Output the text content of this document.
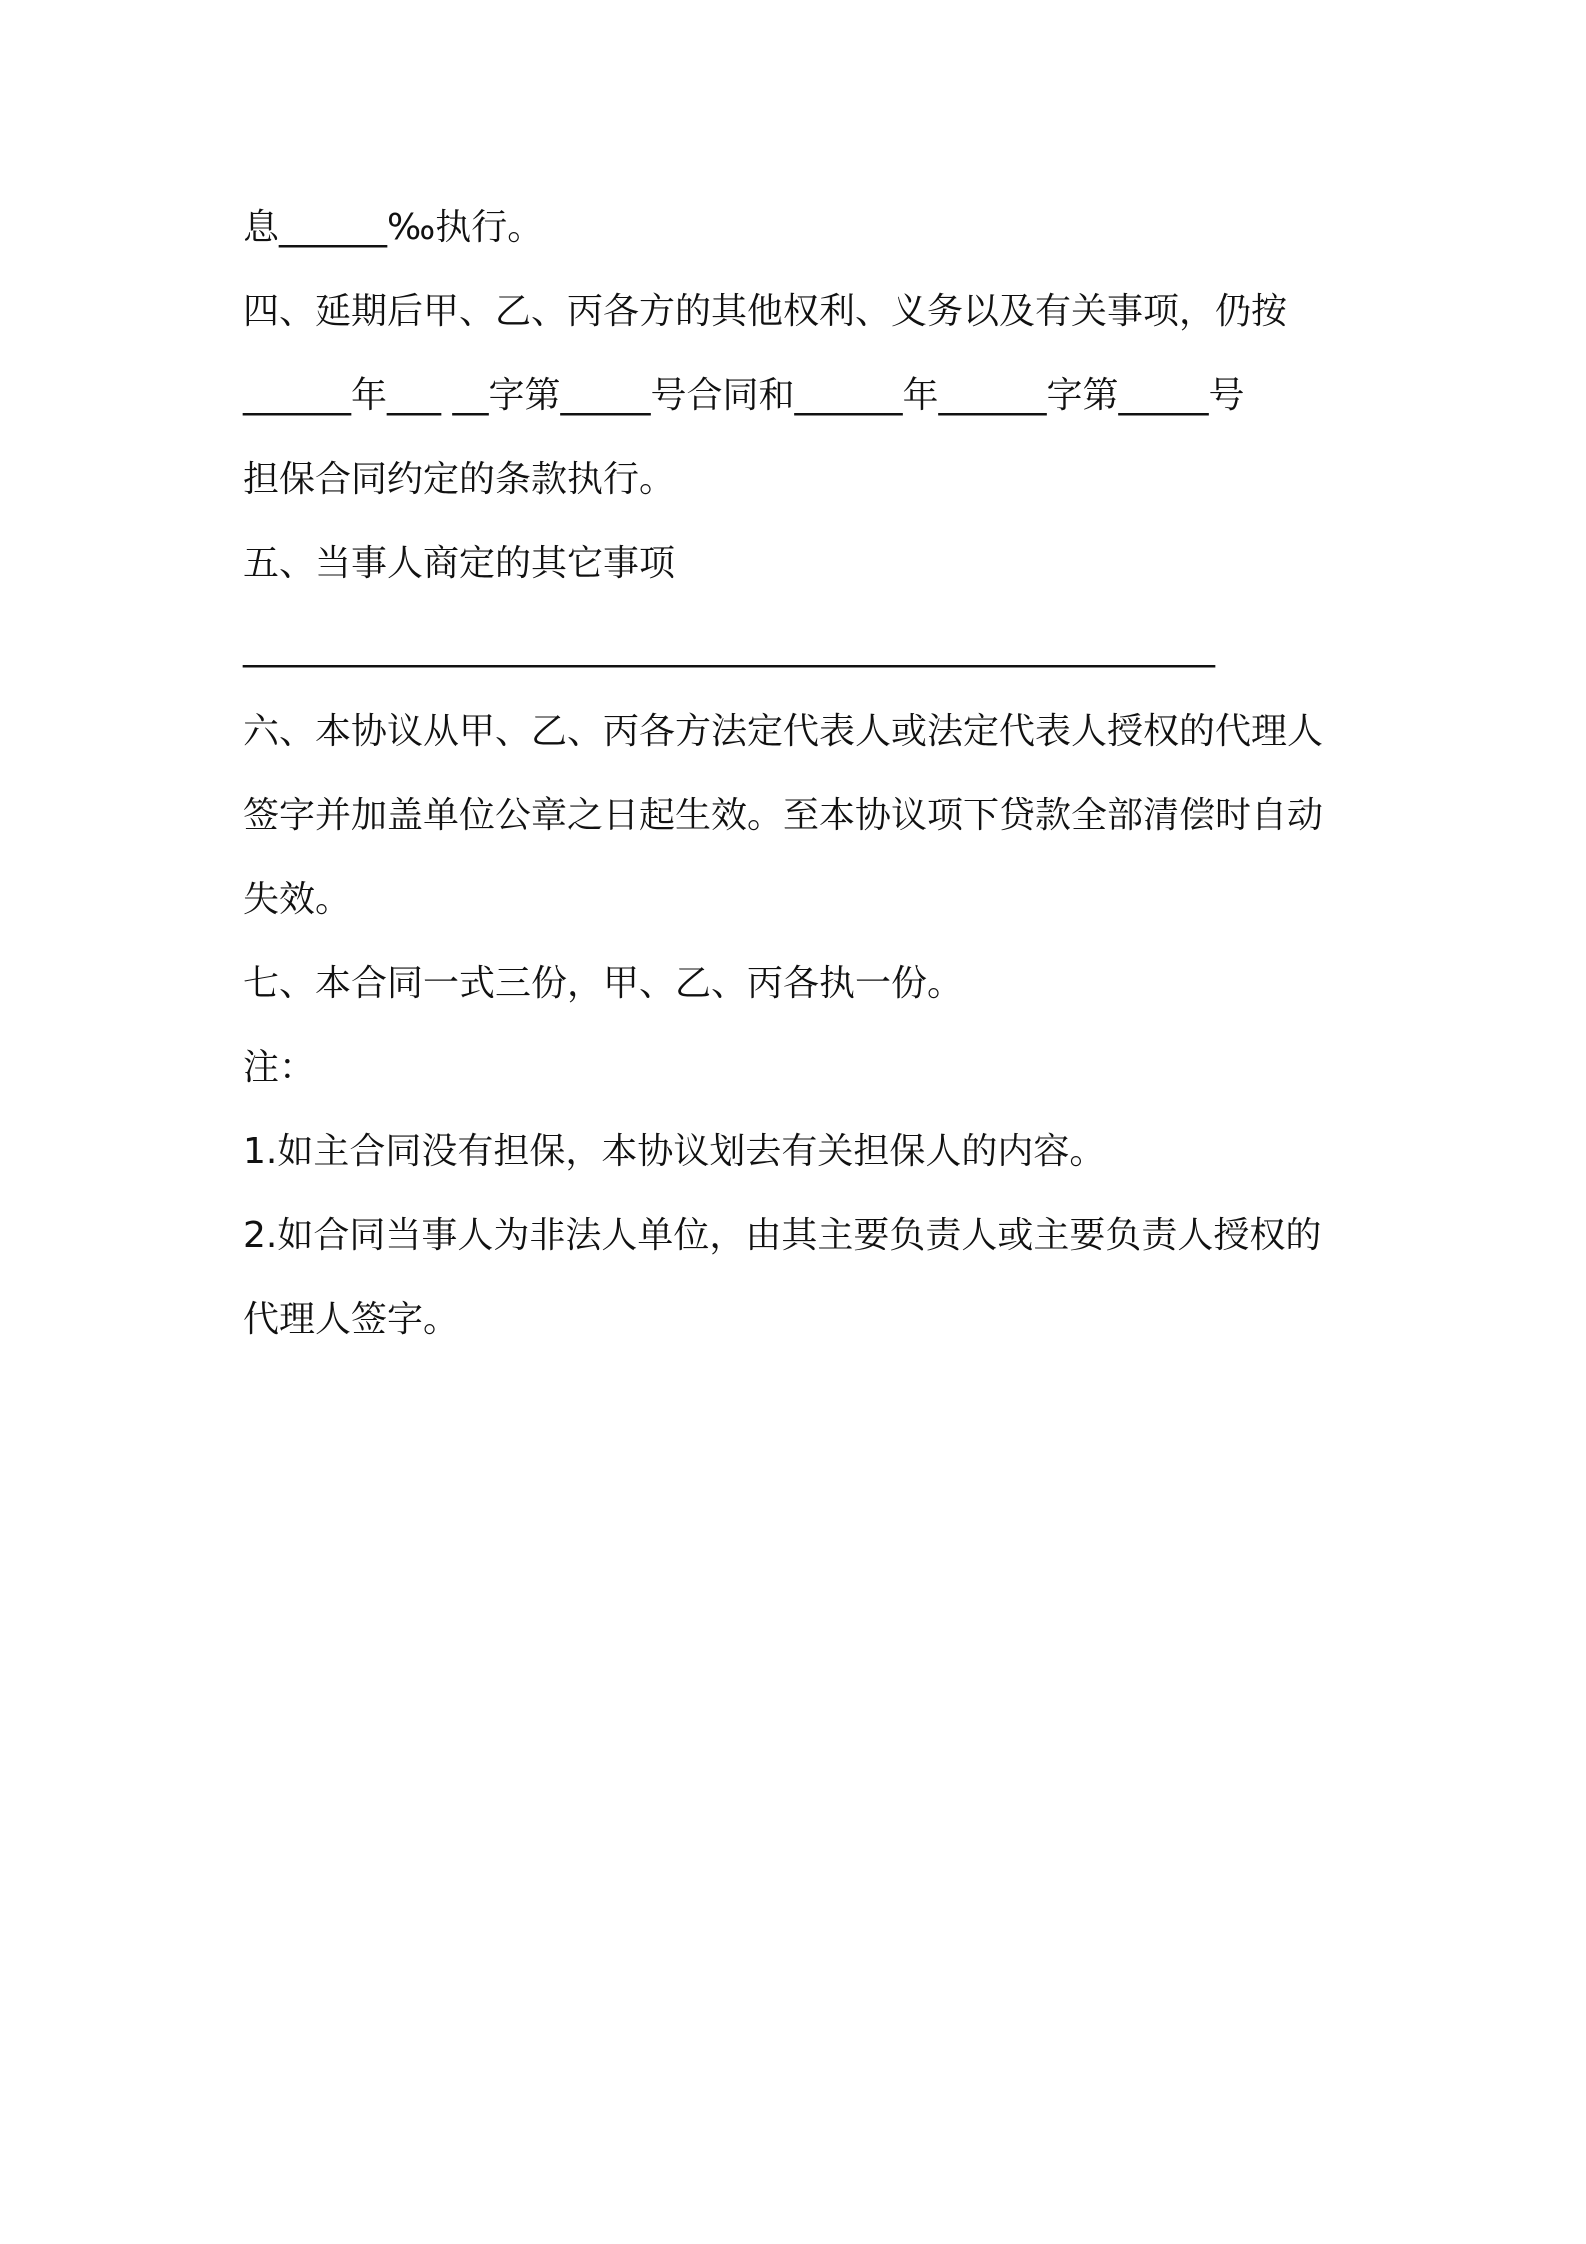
息______‰执行。
四、延期后甲、乙、丙各方的其他权利、义务以及有关事项，仍按
______年___ __字第_____号合同和______年______字第_____号
担保合同约定的条款执行。
五、当事人商定的其它事项
______________________________________________________
六、本协议从甲、乙、丙各方法定代表人或法定代表人授权的代理人
签字并加盖单位公章之日起生效。至本协议项下贷款全部清偿时自动
失效。
七、本合同一式三份，甲、乙、丙各执一份。
注：
1.如主合同没有担保，本协议划去有关担保人的内容。
2.如合同当事人为非法人单位，由其主要负责人或主要负责人授权的
代理人签字。
